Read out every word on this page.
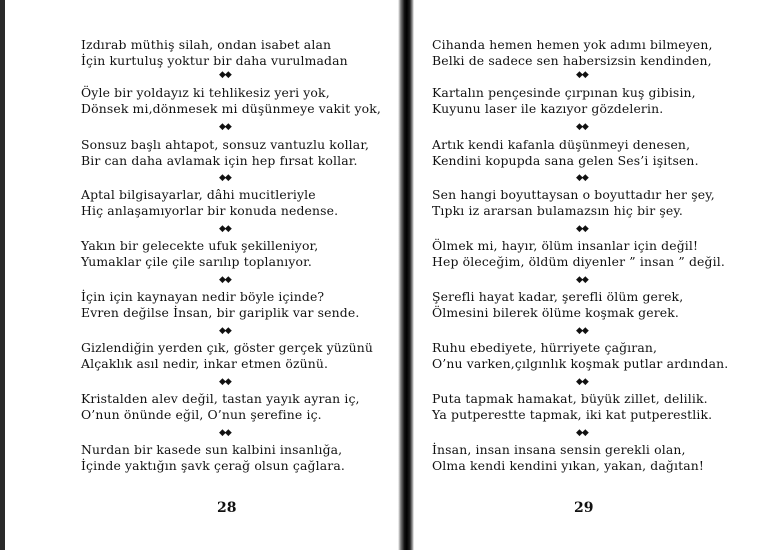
Izdırab müthiş silah, ondan isabet alan
İçin kurtuluş yoktur bir daha vurulmadan
◆◆
Öyle bir yoldayız ki tehlikesiz yeri yok,
Dönsek mi,dönmesek mi düşünmeye vakit yok,
◆◆
Sonsuz başlı ahtapot, sonsuz vantuzlu kollar,
Bir can daha avlamak için hep fırsat kollar.
◆◆
Aptal bilgisayarlar, dâhi mucitleriyle
Hiç anlaşamıyorlar bir konuda nedense.
◆◆
Yakın bir gelecekte ufuk şekilleniyor,
Yumaklar çile çile sarılıp toplanıyor.
◆◆
İçin için kaynayan nedir böyle içinde?
Evren değilse İnsan, bir gariplik var sende.
◆◆
Gizlendiğin yerden çık, göster gerçek yüzünü
Alçaklık asıl nedir, inkar etmen özünü.
◆◆
Kristalden alev değil, tastan yayık ayran iç,
O’nun önünde eğil, O’nun şerefine iç.
◆◆
Nurdan bir kasede sun kalbini insanlığa,
İçinde yaktığın şavk çerağ olsun çağlara.
28
Cihanda hemen hemen yok adımı bilmeyen,
Belki de sadece sen habersizsin kendinden,
◆◆
Kartalın pençesinde çırpınan kuş gibisin,
Kuyunu laser ile kazıyor gözdelerin.
◆◆
Artık kendi kafanla düşünmeyi denesen,
Kendini kopupda sana gelen Ses’i işitsen.
◆◆
Sen hangi boyuttaysan o boyuttadır her şey,
Tıpkı iz ararsan bulamazsın hiç bir şey.
◆◆
Ölmek mi, hayır, ölüm insanlar için değil!
Hep öleceğim, öldüm diyenler ” insan ” değil.
◆◆
Şerefli hayat kadar, şerefli ölüm gerek,
Ölmesini bilerek ölüme koşmak gerek.
◆◆
Ruhu ebediyete, hürriyete çağıran,
O’nu varken,çılgınlık koşmak putlar ardından.
◆◆
Puta tapmak hamakat, büyük zillet, delilik.
Ya putperestte tapmak, iki kat putperestlik.
◆◆
İnsan, insan insana sensin gerekli olan,
Olma kendi kendini yıkan, yakan, dağıtan!
29
